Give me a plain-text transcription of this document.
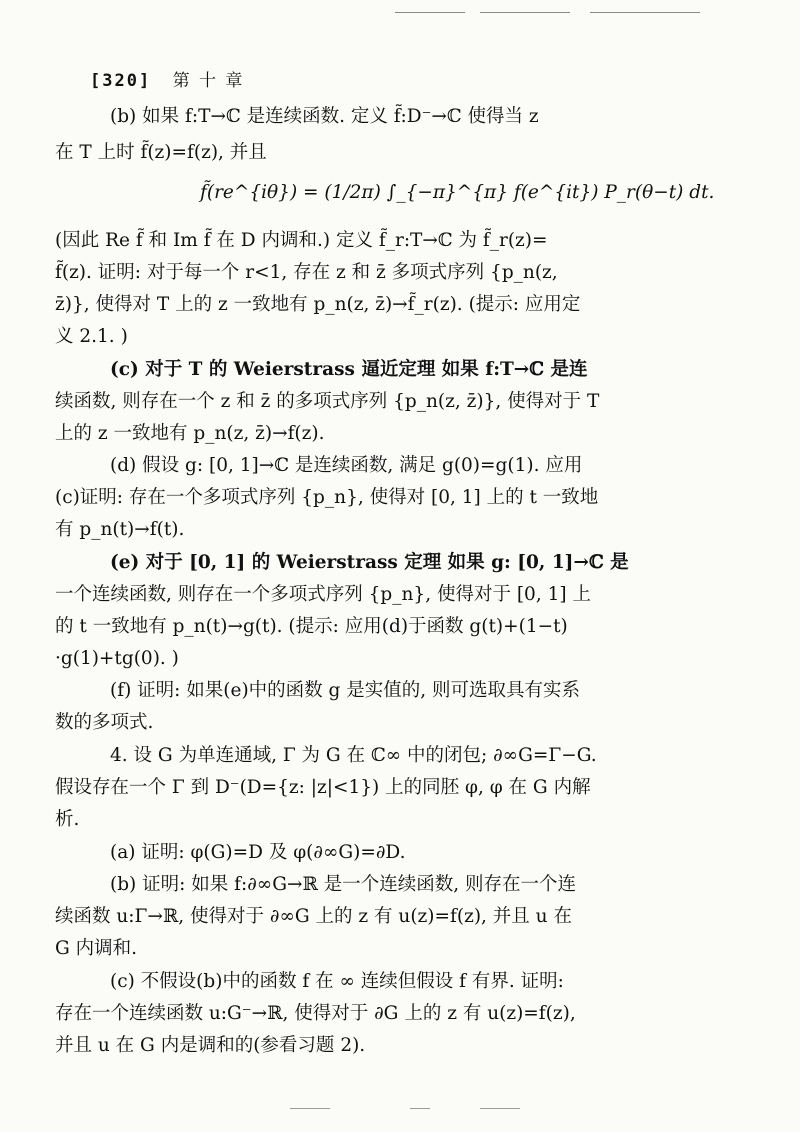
[320] 第 十 章
(b) 如果 f:T→ℂ 是连续函数. 定义 f̃:D⁻→ℂ 使得当 z
在 T 上时 f̃(z)=f(z), 并且
f̃(re^{iθ}) = (1/2π) ∫_{−π}^{π} f(e^{it}) P_r(θ−t) dt.
(因此 Re f̃ 和 Im f̃ 在 D 内调和.) 定义 f̃_r:T→ℂ 为 f̃_r(z)=
f̃(z). 证明: 对于每一个 r<1, 存在 z 和 z̄ 多项式序列 {p_n(z,
z̄)}, 使得对 T 上的 z 一致地有 p_n(z, z̄)→f̃_r(z). (提示: 应用定
义 2.1. )
(c) 对于 T 的 Weierstrass 逼近定理 如果 f:T→ℂ 是连
续函数, 则存在一个 z 和 z̄ 的多项式序列 {p_n(z, z̄)}, 使得对于 T
上的 z 一致地有 p_n(z, z̄)→f(z).
(d) 假设 g: [0, 1]→ℂ 是连续函数, 满足 g(0)=g(1). 应用
(c)证明: 存在一个多项式序列 {p_n}, 使得对 [0, 1] 上的 t 一致地
有 p_n(t)→f(t).
(e) 对于 [0, 1] 的 Weierstrass 定理 如果 g: [0, 1]→ℂ 是
一个连续函数, 则存在一个多项式序列 {p_n}, 使得对于 [0, 1] 上
的 t 一致地有 p_n(t)→g(t). (提示: 应用(d)于函数 g(t)+(1−t)
·g(1)+tg(0). )
(f) 证明: 如果(e)中的函数 g 是实值的, 则可选取具有实系
数的多项式.
4. 设 G 为单连通域, Γ 为 G 在 ℂ∞ 中的闭包; ∂∞G=Γ−G.
假设存在一个 Γ 到 D⁻(D={z: |z|<1}) 上的同胚 φ, φ 在 G 内解
析.
(a) 证明: φ(G)=D 及 φ(∂∞G)=∂D.
(b) 证明: 如果 f:∂∞G→ℝ 是一个连续函数, 则存在一个连
续函数 u:Γ→ℝ, 使得对于 ∂∞G 上的 z 有 u(z)=f(z), 并且 u 在
G 内调和.
(c) 不假设(b)中的函数 f 在 ∞ 连续但假设 f 有界. 证明:
存在一个连续函数 u:G⁻→ℝ, 使得对于 ∂G 上的 z 有 u(z)=f(z),
并且 u 在 G 内是调和的(参看习题 2).
